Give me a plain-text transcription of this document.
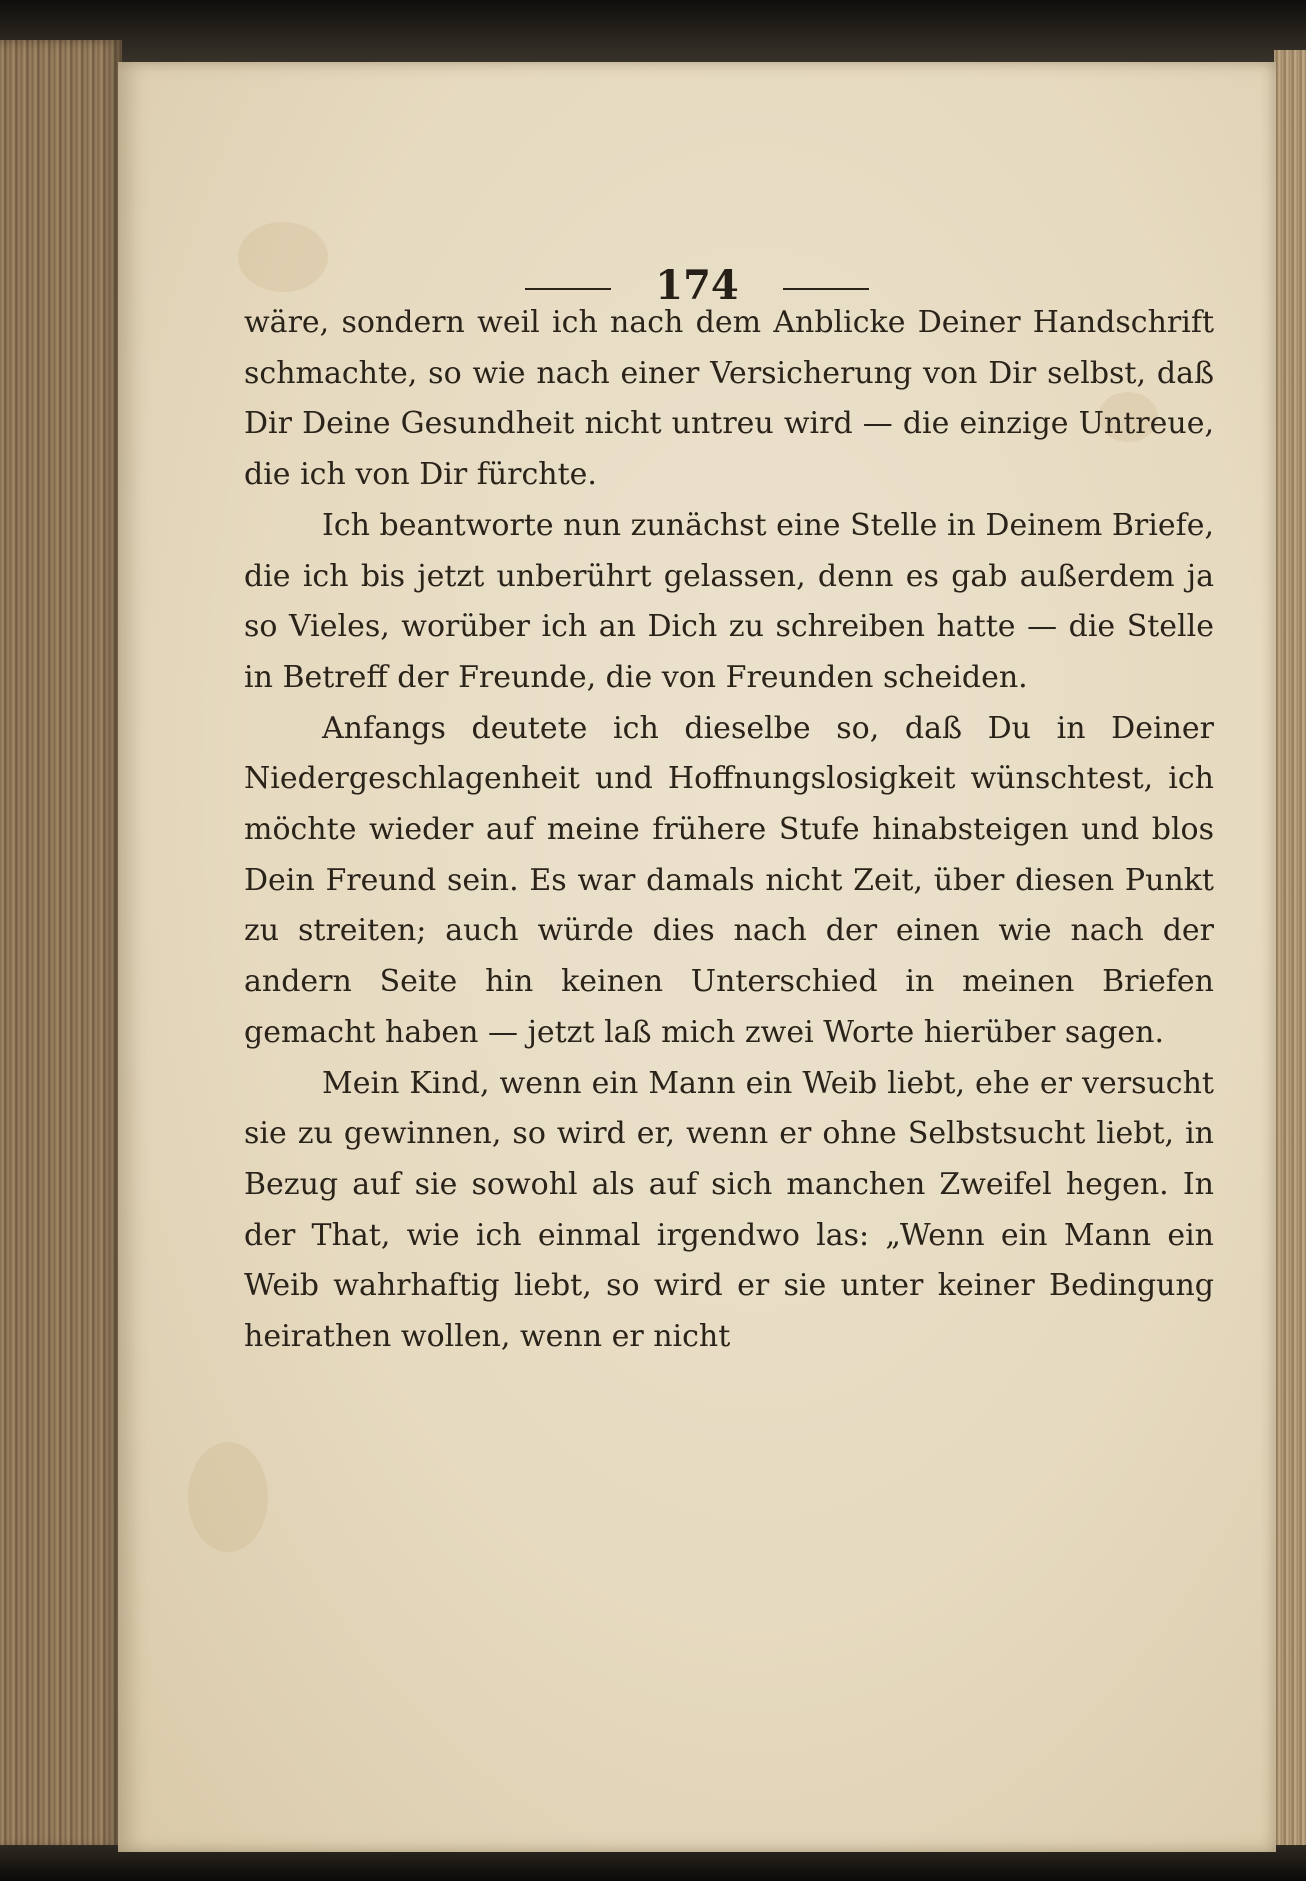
174

wäre, sondern weil ich nach dem Anblicke Deiner Handschrift schmachte, so wie nach einer Versicherung von Dir selbst, daß Dir Deine Gesundheit nicht untreu wird — die einzige Untreue, die ich von Dir fürchte.

Ich beantworte nun zunächst eine Stelle in Deinem Briefe, die ich bis jetzt unberührt gelassen, denn es gab außerdem ja so Vieles, worüber ich an Dich zu schreiben hatte — die Stelle in Betreff der Freunde, die von Freunden scheiden.

Anfangs deutete ich dieselbe so, daß Du in Deiner Niedergeschlagenheit und Hoffnungslosigkeit wünschtest, ich möchte wieder auf meine frühere Stufe hinabsteigen und blos Dein Freund sein. Es war damals nicht Zeit, über diesen Punkt zu streiten; auch würde dies nach der einen wie nach der andern Seite hin keinen Unterschied in meinen Briefen gemacht haben — jetzt laß mich zwei Worte hierüber sagen.

Mein Kind, wenn ein Mann ein Weib liebt, ehe er versucht sie zu gewinnen, so wird er, wenn er ohne Selbstsucht liebt, in Bezug auf sie sowohl als auf sich manchen Zweifel hegen. In der That, wie ich einmal irgendwo las: „Wenn ein Mann ein Weib wahrhaftig liebt, so wird er sie unter keiner Bedingung heirathen wollen, wenn er nicht
